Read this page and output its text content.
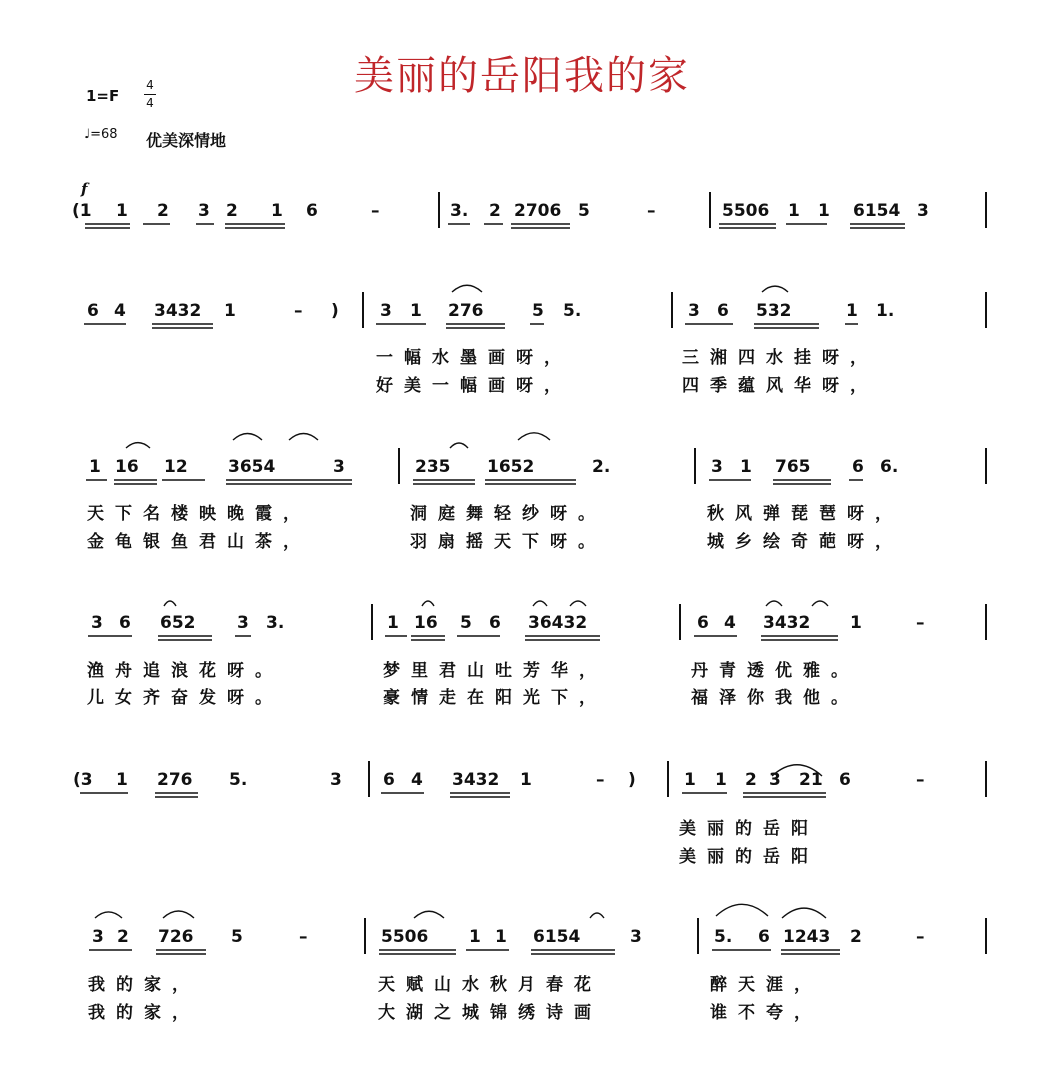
美丽的岳阳我的家
1=F
4
4
♩=68 优美深情地
f
(1 1 2 3 2 1 6	–	3. 2 2706 5	–	5506 1 1 6154 3
6 4 3432 1	– ) 3 1 276	5 5.	3 6 532	1 1.
一幅水墨画呀，	三湘四水挂呀，
好美一幅画呀，	四季蕴风华呀，
1 16 12 3654	3	235 1652	2.	3 1 765 6 6.
天下名楼映晚霞，	洞庭舞轻纱呀。	秋风弹琵琶呀，
金龟银鱼君山茶，	羽扇摇天下呀。	城乡绘奇葩呀，
3 6 652 3 3.	1 16 5 6 36432	6 4 3432 1	–
渔舟追浪花呀。	梦里君山吐芳华，	丹青透优雅。
儿女齐奋发呀。	豪情走在阳光下，	福泽你我他。
(3 1 276 5.	3 6 4 3432 1	– )	1 1 2 3 21 6	–
美丽的岳阳
美丽的岳阳
3 2 726 5	–	5506 1 1 6154	3	5. 6 1243 2	–
我的家，	天赋山水秋月春花	醉天涯，
我的家，	大湖之城锦绣诗画	谁不夸，
